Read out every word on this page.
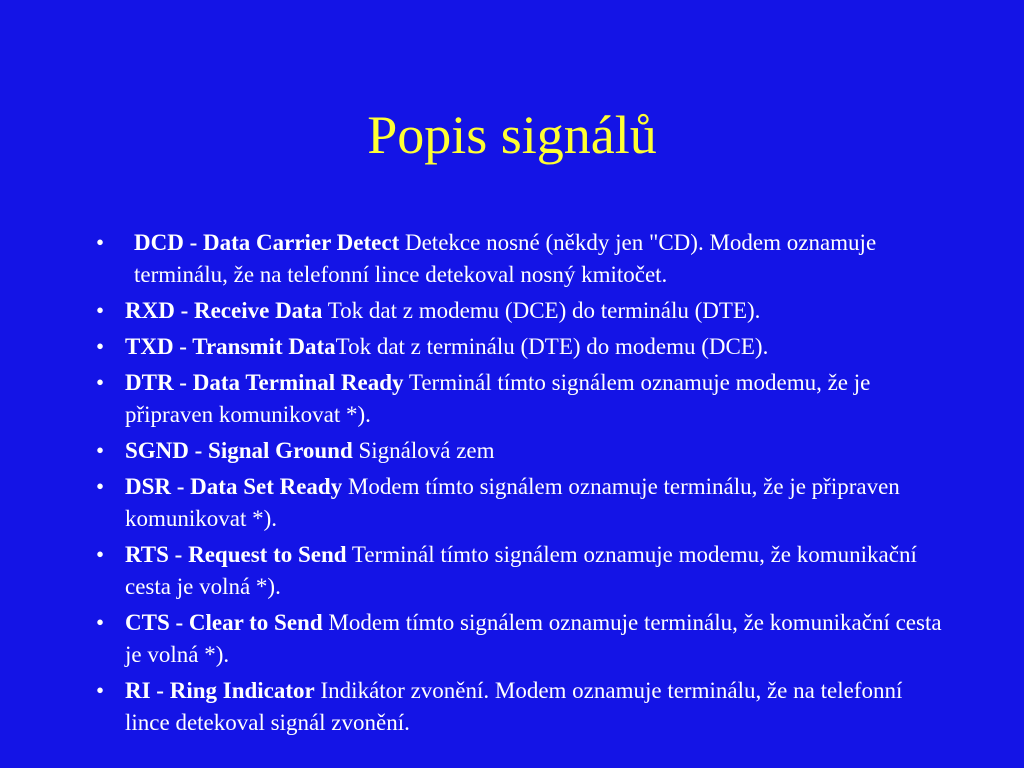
Popis signálů
•	DCD - Data Carrier Detect Detekce nosné (někdy jen "CD). Modem oznamuje terminálu, že na telefonní lince detekoval nosný kmitočet.
• RXD - Receive Data Tok dat z modemu (DCE) do terminálu (DTE).
• TXD - Transmit DataTok dat z terminálu (DTE) do modemu (DCE).
• DTR - Data Terminal Ready Terminál tímto signálem oznamuje modemu, že je připraven komunikovat *).
• SGND - Signal Ground Signálová zem
• DSR - Data Set Ready Modem tímto signálem oznamuje terminálu, že je připraven komunikovat *).
• RTS - Request to Send Terminál tímto signálem oznamuje modemu, že komunikační cesta je volná *).
• CTS - Clear to Send Modem tímto signálem oznamuje terminálu, že komunikační cesta je volná *).
• RI - Ring Indicator Indikátor zvonění. Modem oznamuje terminálu, že na telefonní lince detekoval signál zvonění.
